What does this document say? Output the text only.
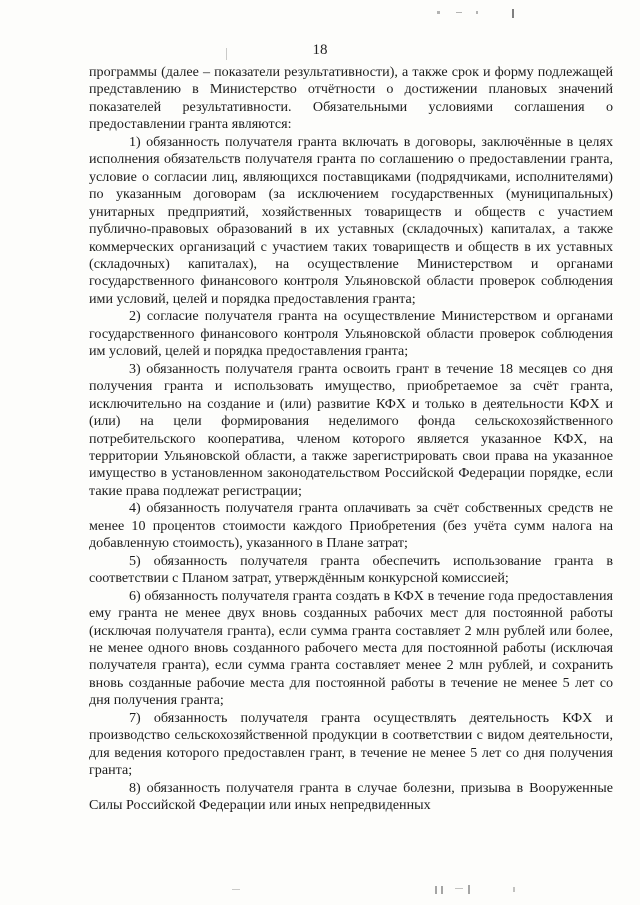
18

программы (далее – показатели результативности), а также срок и форму подлежащей представлению в Министерство отчётности о достижении плановых значений показателей результативности. Обязательными условиями соглашения о предоставлении гранта являются:

1) обязанность получателя гранта включать в договоры, заключённые в целях исполнения обязательств получателя гранта по соглашению о предоставлении гранта, условие о согласии лиц, являющихся поставщиками (подрядчиками, исполнителями) по указанным договорам (за исключением государственных (муниципальных) унитарных предприятий, хозяйственных товариществ и обществ с участием публично-правовых образований в их уставных (складочных) капиталах, а также коммерческих организаций с участием таких товариществ и обществ в их уставных (складочных) капиталах), на осуществление Министерством и органами государственного финансового контроля Ульяновской области проверок соблюдения ими условий, целей и порядка предоставления гранта;

2) согласие получателя гранта на осуществление Министерством и органами государственного финансового контроля Ульяновской области проверок соблюдения им условий, целей и порядка предоставления гранта;

3) обязанность получателя гранта освоить грант в течение 18 месяцев со дня получения гранта и использовать имущество, приобретаемое за счёт гранта, исключительно на создание и (или) развитие КФХ и только в деятельности КФХ и (или) на цели формирования неделимого фонда сельскохозяйственного потребительского кооператива, членом которого является указанное КФХ, на территории Ульяновской области, а также зарегистрировать свои права на указанное имущество в установленном законодательством Российской Федерации порядке, если такие права подлежат регистрации;

4) обязанность получателя гранта оплачивать за счёт собственных средств не менее 10 процентов стоимости каждого Приобретения (без учёта сумм налога на добавленную стоимость), указанного в Плане затрат;

5) обязанность получателя гранта обеспечить использование гранта в соответствии с Планом затрат, утверждённым конкурсной комиссией;

6) обязанность получателя гранта создать в КФХ в течение года предоставления ему гранта не менее двух вновь созданных рабочих мест для постоянной работы (исключая получателя гранта), если сумма гранта составляет 2 млн рублей или более, не менее одного вновь созданного рабочего места для постоянной работы (исключая получателя гранта), если сумма гранта составляет менее 2 млн рублей, и сохранить вновь созданные рабочие места для постоянной работы в течение не менее 5 лет со дня получения гранта;

7) обязанность получателя гранта осуществлять деятельность КФХ и производство сельскохозяйственной продукции в соответствии с видом деятельности, для ведения которого предоставлен грант, в течение не менее 5 лет со дня получения гранта;

8) обязанность получателя гранта в случае болезни, призыва в Вооруженные Силы Российской Федерации или иных непредвиденных
